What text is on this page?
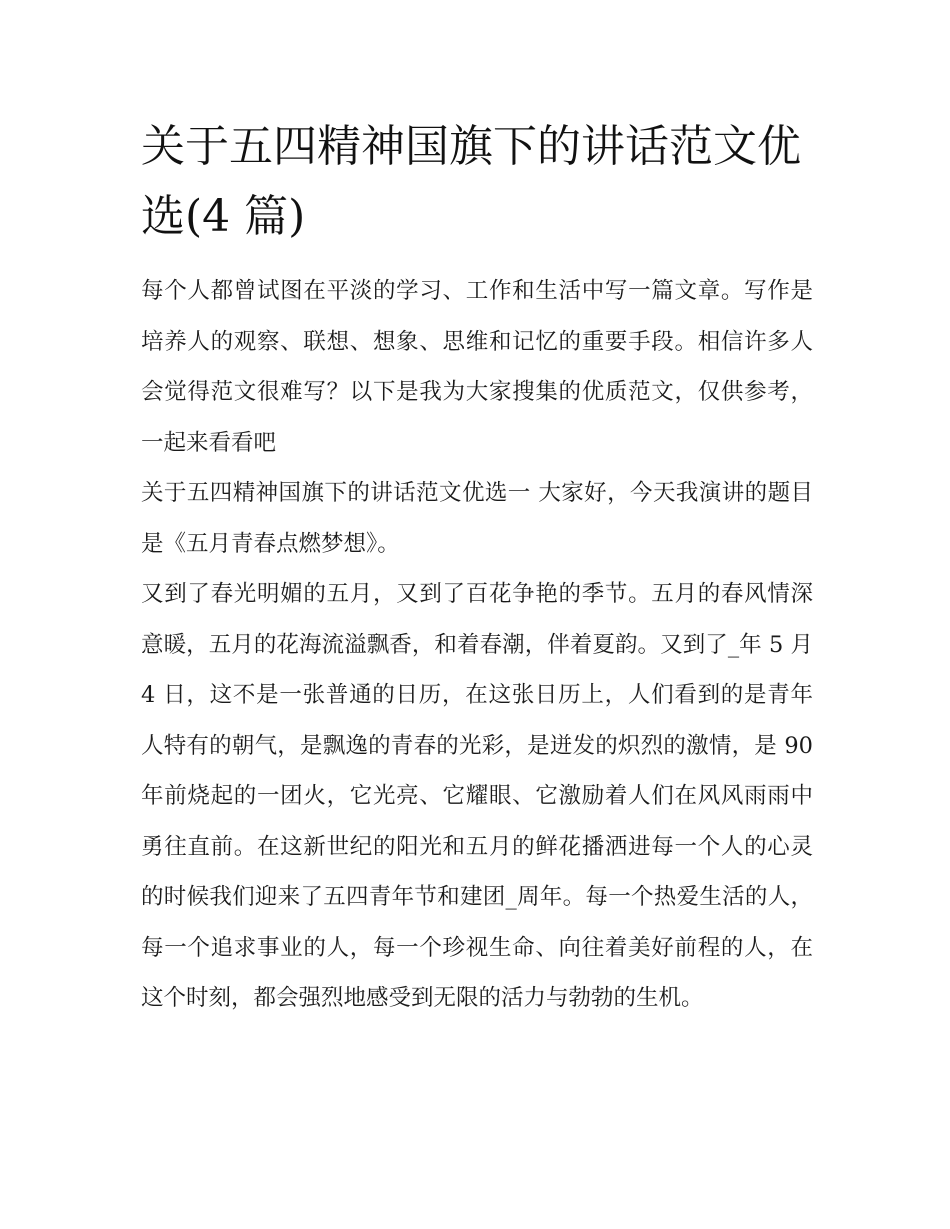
关于五四精神国旗下的讲话范文优选(4 篇)

每个人都曾试图在平淡的学习、工作和生活中写一篇文章。写作是培养人的观察、联想、想象、思维和记忆的重要手段。相信许多人会觉得范文很难写？以下是我为大家搜集的优质范文，仅供参考，一起来看看吧

关于五四精神国旗下的讲话范文优选一 大家好，今天我演讲的题目是《五月青春点燃梦想》。

又到了春光明媚的五月，又到了百花争艳的季节。五月的春风情深意暖，五月的花海流溢飘香，和着春潮，伴着夏韵。又到了_年 5 月 4 日，这不是一张普通的日历，在这张日历上，人们看到的是青年人特有的朝气，是飘逸的青春的光彩，是迸发的炽烈的激情，是 90 年前烧起的一团火，它光亮、它耀眼、它激励着人们在风风雨雨中勇往直前。在这新世纪的阳光和五月的鲜花播洒进每一个人的心灵的时候我们迎来了五四青年节和建团_周年。每一个热爱生活的人，每一个追求事业的人，每一个珍视生命、向往着美好前程的人，在这个时刻，都会强烈地感受到无限的活力与勃勃的生机。
